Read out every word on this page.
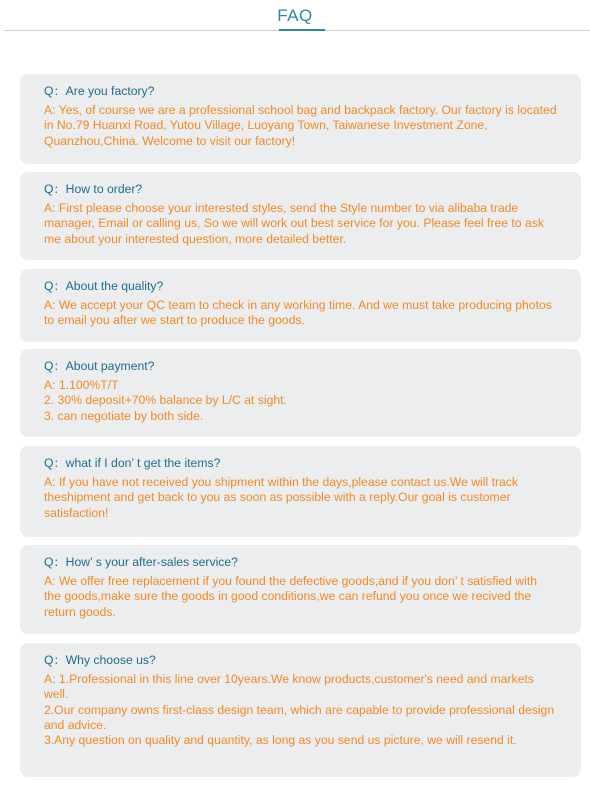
FAQ

Q：Are you factory?

A: Yes, of course we are a professional school bag and backpack factory. Our factory is located in No.79 Huanxi Road, Yutou Village, Luoyang Town, Taiwanese Investment Zone, Quanzhou,China. Welcome to visit our factory!

Q：How to order?

A: First please choose your interested styles, send the Style number to via alibaba trade manager, Email or calling us, So we will work out best service for you. Please feel free to ask me about your interested question, more detailed better.

Q：About the quality?

A: We accept your QC team to check in any working time. And we must take producing photos to email you after we start to produce the goods.

Q：About payment?

A: 1.100%T/T
2. 30% deposit+70% balance by L/C at sight.
3. can negotiate by both side.

Q：what if I don’ t get the items?

A: If you have not received you shipment within the days,please contact us.We will track theshipment and get back to you as soon as possible with a reply.Our goal is customer satisfaction!

Q：How’ s your after-sales service?

A: We offer free replacement if you found the defective goods,and if you don’ t satisfied with the goods,make sure the goods in good conditions,we can refund you once we recived the return goods.

Q：Why choose us?

A: 1.Professional in this line over 10years.We know products,customer's need and markets well.
2.Our company owns first-class design team, which are capable to provide professional design and advice.
3.Any question on quality and quantity, as long as you send us picture, we will resend it.
